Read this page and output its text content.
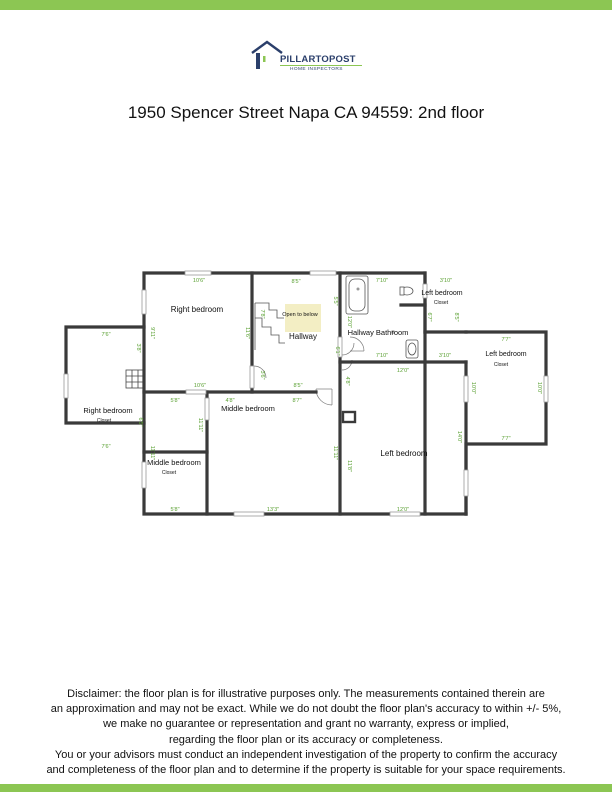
PILLARTOPOST
HOME INSPECTORS
1950 Spencer Street Napa CA 94559: 2nd floor
Right bedroom
Right bedroom
Closet
Open to below
Hallway	Hallway Bathroom
Left bedroom
Closet
Left bedroom
Closet
Middle bedroom
Middle bedroom
Closet
Left bedroom
10'6"	8'5"	3'10"
7'10"
7'6"
3'8"
9'11"	11'6"
7'8"
5'5"
6'7"	8'5"
12'0"
10'6"	8'5"
7'10"	3'10"
12'0"
7'7"
10'0"	10'0"
7'6"
5'8"	4'8"	8'7"
6'5"
3'6"
6'1"
4'8"
14'0"	7'7"
11'11"
11'11"
11'11"
11'8"
5'8"	13'3"	12'0"
Disclaimer: the floor plan is for illustrative purposes only. The measurements contained therein are
an approximation and may not be exact. While we do not doubt the floor plan's accuracy to within +/- 5%,
we make no guarantee or representation and grant no warranty, express or implied,
regarding the floor plan or its accuracy or completeness.
You or your advisors must conduct an independent investigation of the property to confirm the accuracy
and completeness of the floor plan and to determine if the property is suitable for your space requirements.
